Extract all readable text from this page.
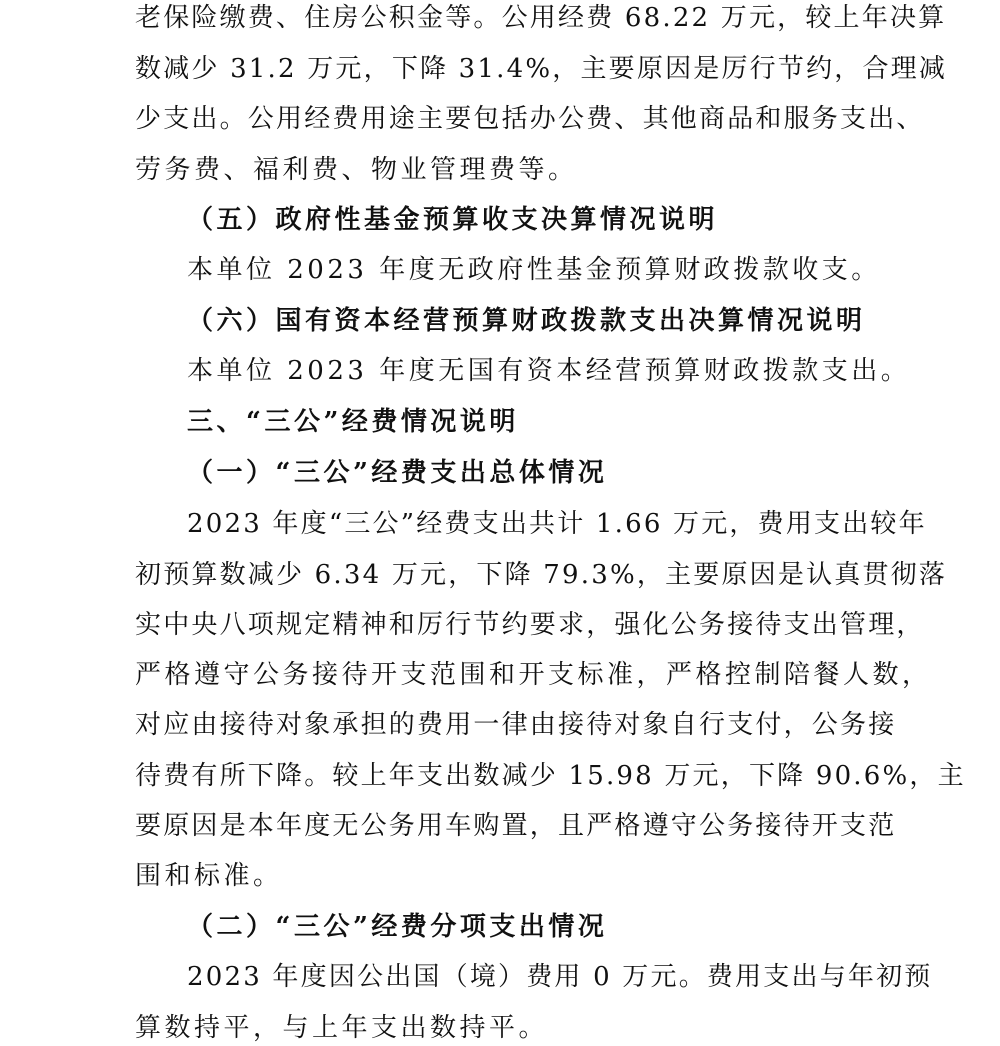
老保险缴费、住房公积金等。公用经费 68.22 万元，较上年决算
数减少 31.2 万元，下降 31.4%，主要原因是厉行节约，合理减
少支出。公用经费用途主要包括办公费、其他商品和服务支出、
劳务费、福利费、物业管理费等。
（五）政府性基金预算收支决算情况说明
本单位 2023 年度无政府性基金预算财政拨款收支。
（六）国有资本经营预算财政拨款支出决算情况说明
本单位 2023 年度无国有资本经营预算财政拨款支出。
三、“三公”经费情况说明
（一）“三公”经费支出总体情况
2023 年度“三公”经费支出共计 1.66 万元，费用支出较年
初预算数减少 6.34 万元，下降 79.3%，主要原因是认真贯彻落
实中央八项规定精神和厉行节约要求，强化公务接待支出管理，
严格遵守公务接待开支范围和开支标准，严格控制陪餐人数，
对应由接待对象承担的费用一律由接待对象自行支付，公务接
待费有所下降。较上年支出数减少 15.98 万元，下降 90.6%，主
要原因是本年度无公务用车购置，且严格遵守公务接待开支范
围和标准。
（二）“三公”经费分项支出情况
2023 年度因公出国（境）费用 0 万元。费用支出与年初预
算数持平，与上年支出数持平。
